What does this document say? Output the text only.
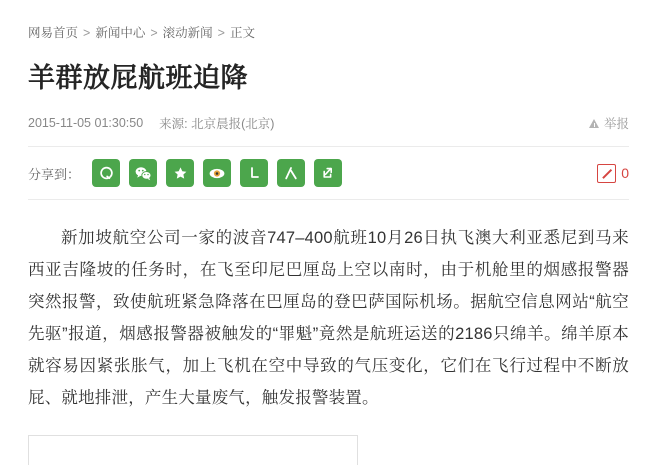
网易首页 > 新闻中心 > 滚动新闻 > 正文
羊群放屁航班迫降
2015-11-05 01:30:50 来源: 北京晨报(北京)	举报
分享到：	0

新加坡航空公司一家的波音747–400航班10月26日执飞澳大利亚悉尼到马来西亚吉隆坡的任务时，在飞至印尼巴厘岛上空以南时，由于机舱里的烟感报警器突然报警，致使航班紧急降落在巴厘岛的登巴萨国际机场。据航空信息网站“航空先驱”报道，烟感报警器被触发的“罪魁”竟然是航班运送的2186只绵羊。绵羊原本就容易因紧张胀气，加上飞机在空中导致的气压变化，它们在飞行过程中不断放屁、就地排泄，产生大量废气，触发报警装置。
